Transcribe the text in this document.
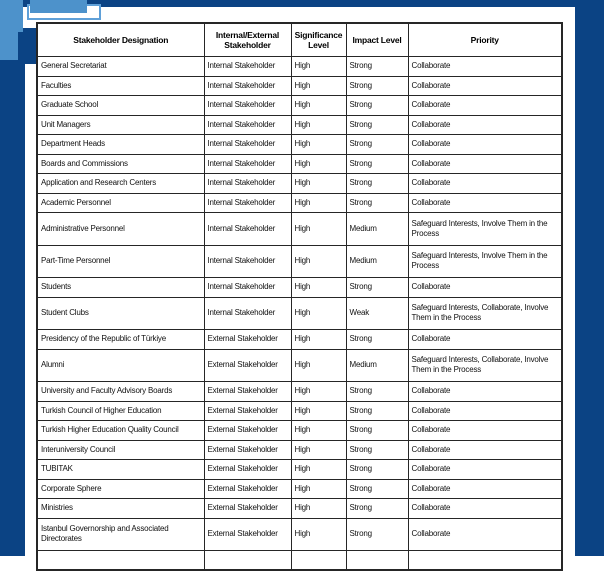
Stakeholder Designation	Internal/External Stakeholder	Significance Level	Impact Level	Priority
General Secretariat	Internal Stakeholder	High	Strong	Collaborate
Faculties	Internal Stakeholder	High	Strong	Collaborate
Graduate School	Internal Stakeholder	High	Strong	Collaborate
Unit Managers	Internal Stakeholder	High	Strong	Collaborate
Department Heads	Internal Stakeholder	High	Strong	Collaborate
Boards and Commissions	Internal Stakeholder	High	Strong	Collaborate
Application and Research Centers	Internal Stakeholder	High	Strong	Collaborate
Academic Personnel	Internal Stakeholder	High	Strong	Collaborate
Administrative Personnel	Internal Stakeholder	High	Medium	Safeguard Interests, Involve Them in the Process
Part-Time Personnel	Internal Stakeholder	High	Medium	Safeguard Interests, Involve Them in the Process
Students	Internal Stakeholder	High	Strong	Collaborate
Student Clubs	Internal Stakeholder	High	Weak	Safeguard Interests, Collaborate, Involve Them in the Process
Presidency of the Republic of Türkiye	External Stakeholder	High	Strong	Collaborate
Alumni	External Stakeholder	High	Medium	Safeguard Interests, Collaborate, Involve Them in the Process
University and Faculty Advisory Boards	External Stakeholder	High	Strong	Collaborate
Turkish Council of Higher Education	External Stakeholder	High	Strong	Collaborate
Turkish Higher Education Quality Council	External Stakeholder	High	Strong	Collaborate
Interuniversity Council	External Stakeholder	High	Strong	Collaborate
TUBITAK	External Stakeholder	High	Strong	Collaborate
Corporate Sphere	External Stakeholder	High	Strong	Collaborate
Ministries	External Stakeholder	High	Strong	Collaborate
Istanbul Governorship and Associated Directorates	External Stakeholder	High	Strong	Collaborate
